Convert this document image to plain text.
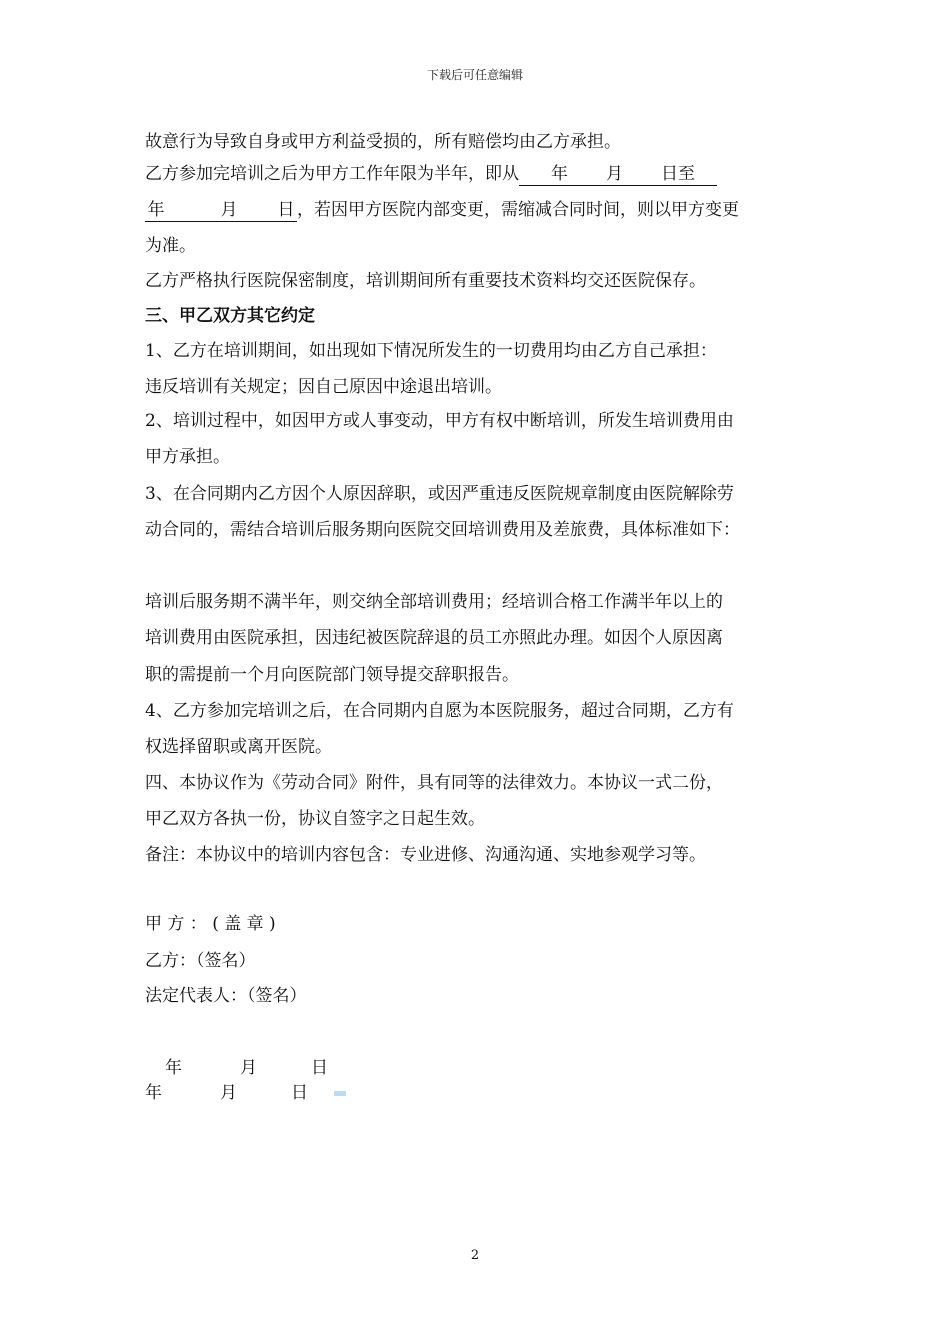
下载后可任意编辑
故意行为导致自身或甲方利益受损的，所有赔偿均由乙方承担。
乙方参加完培训之后为甲方工作年限为半年，即从 年 月 日至
年	月 日 ，若因甲方医院内部变更，需缩减合同时间，则以甲方变更
为准。
乙方严格执行医院保密制度，培训期间所有重要技术资料均交还医院保存。
三、甲乙双方其它约定
1、乙方在培训期间，如出现如下情况所发生的一切费用均由乙方自己承担：
违反培训有关规定；因自己原因中途退出培训。
2、培训过程中，如因甲方或人事变动，甲方有权中断培训，所发生培训费用由
甲方承担。
3、在合同期内乙方因个人原因辞职，或因严重违反医院规章制度由医院解除劳
动合同的，需结合培训后服务期向医院交回培训费用及差旅费，具体标准如下：
培训后服务期不满半年，则交纳全部培训费用；经培训合格工作满半年以上的
培训费用由医院承担，因违纪被医院辞退的员工亦照此办理。如因个人原因离
职的需提前一个月向医院部门领导提交辞职报告。
4、乙方参加完培训之后，在合同期内自愿为本医院服务，超过合同期，乙方有
权选择留职或离开医院。
四、本协议作为《劳动合同》附件，具有同等的法律效力。本协议一式二份，
甲乙双方各执一份，协议自签字之日起生效。
备注：本协议中的培训内容包含：专业进修、沟通沟通、实地参观学习等。
甲 方 ： ( 盖 章 )
乙方：（签名）
法定代表人：（签名）
年	月	日
年	月	日
2
